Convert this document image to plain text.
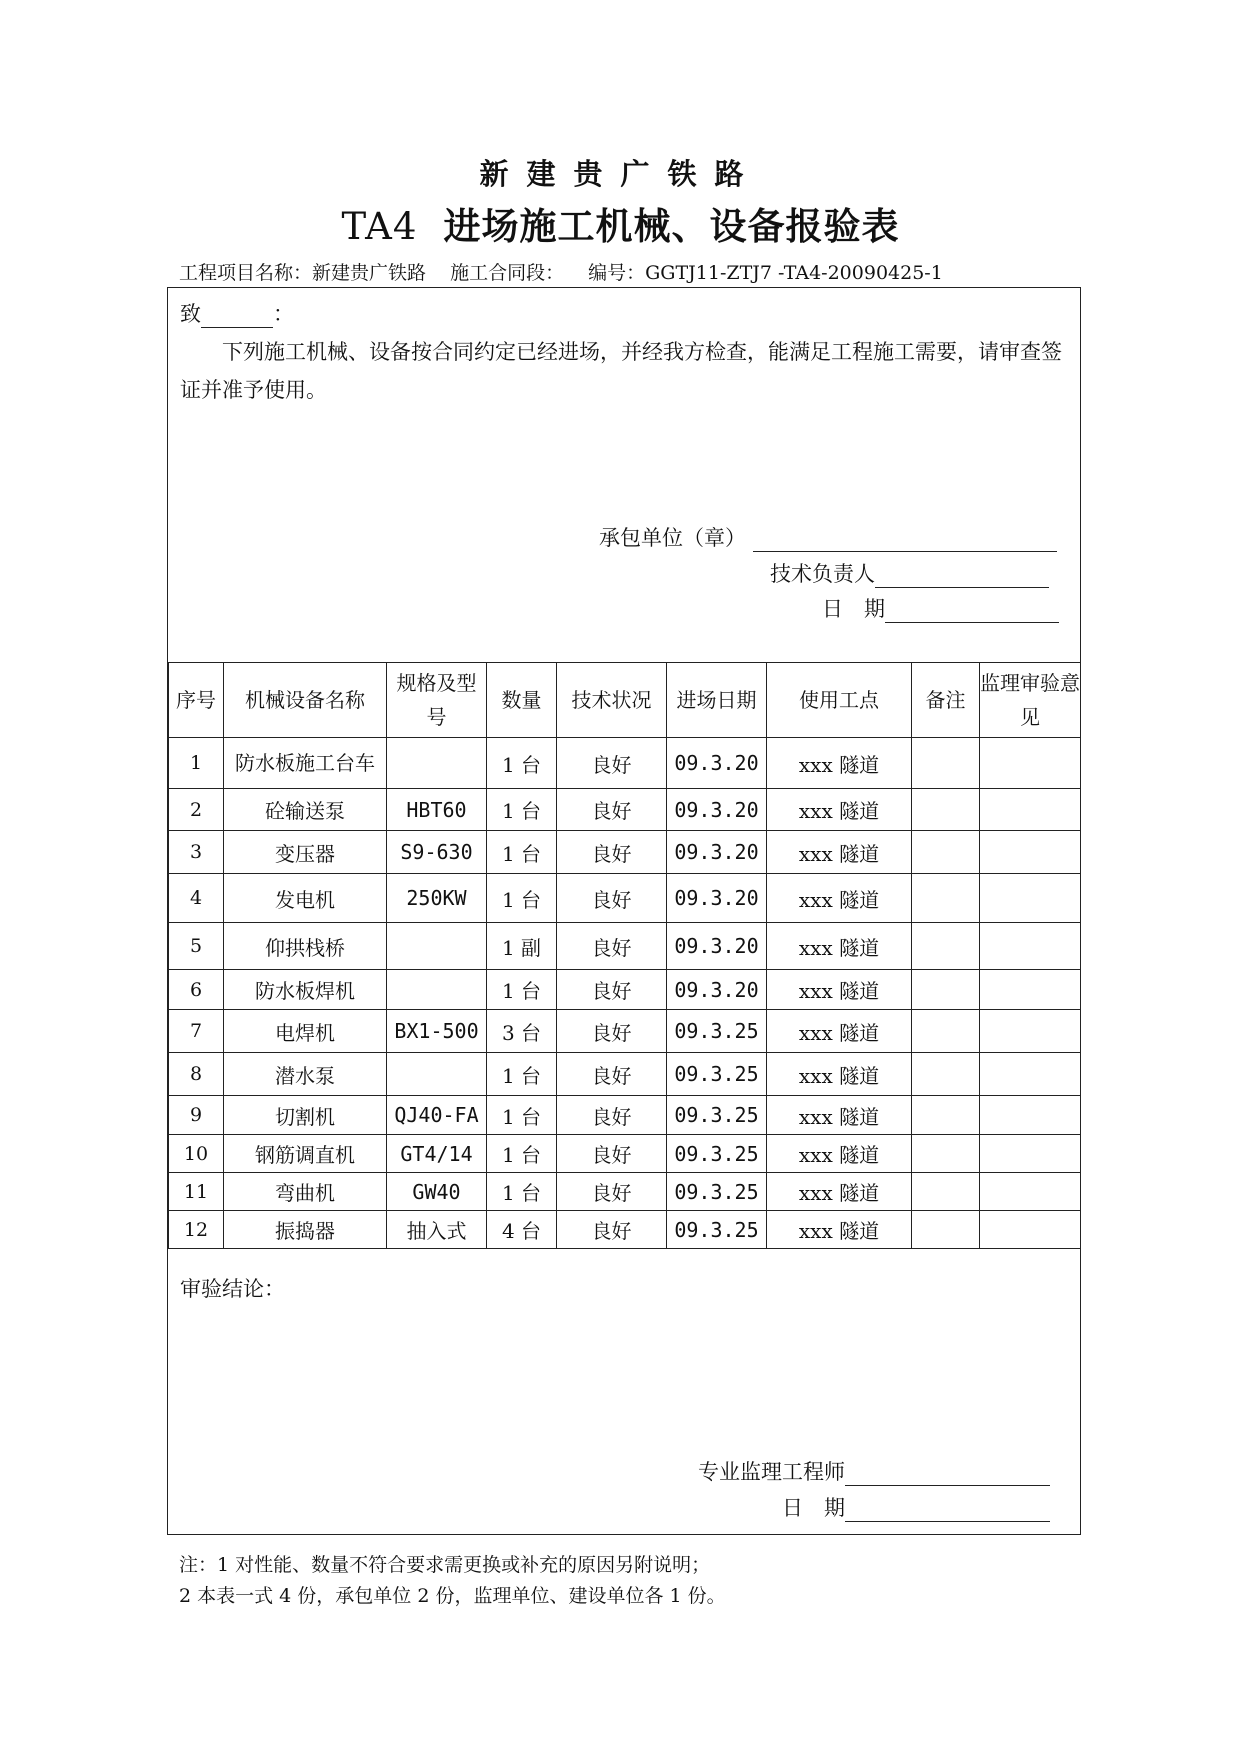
新建贵广铁路
TA4 进场施工机械、设备报验表
工程项目名称：新建贵广铁路 施工合同段： 编号：GGTJ11-ZTJ7 -TA4-20090425-1
致	：
下列施工机械、设备按合同约定已经进场，并经我方检查，能满足工程施工需要，请审查签证并准予使用。
承包单位（章）
技术负责人
日　期
序号	机械设备名称	规格及型号	数量	技术状况	进场日期	使用工点	备注	监理审验意见
1	防水板施工台车		1 台	良好	09.3.20	xxx 隧道		
2	砼输送泵	HBT60	1 台	良好	09.3.20	xxx 隧道		
3	变压器	S9-630	1 台	良好	09.3.20	xxx 隧道		
4	发电机	250KW	1 台	良好	09.3.20	xxx 隧道		
5	仰拱栈桥		1 副	良好	09.3.20	xxx 隧道		
6	防水板焊机		1 台	良好	09.3.20	xxx 隧道		
7	电焊机	BX1-500	3 台	良好	09.3.25	xxx 隧道		
8	潜水泵		1 台	良好	09.3.25	xxx 隧道		
9	切割机	QJ40-FA	1 台	良好	09.3.25	xxx 隧道		
10	钢筋调直机	GT4/14	1 台	良好	09.3.25	xxx 隧道		
11	弯曲机	GW40	1 台	良好	09.3.25	xxx 隧道		
12	振捣器	抽入式	4 台	良好	09.3.25	xxx 隧道		
审验结论：
专业监理工程师
日　期
注：1 对性能、数量不符合要求需更换或补充的原因另附说明；
2 本表一式 4 份，承包单位 2 份，监理单位、建设单位各 1 份。
